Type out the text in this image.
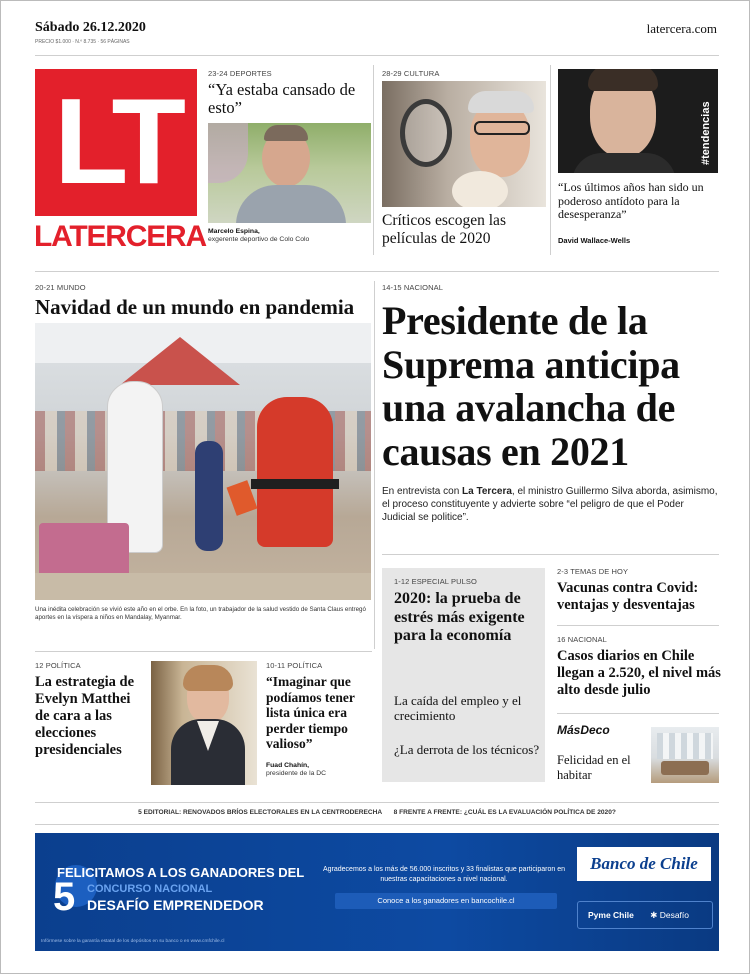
Sábado 26.12.2020
PRECIO $1.000 · N.º 8.735 · 56 PÁGINAS
latercera.com
LT
LATERCERA
23-24 DEPORTES
“Ya estaba cansado de esto”
Marcelo Espina,
exgerente deportivo de Colo Colo
28-29 CULTURA
Críticos escogen las películas de 2020
#tendencias
“Los últimos años han sido un poderoso antídoto para la desesperanza”
David Wallace-Wells
20-21 MUNDO
Navidad de un mundo en pandemia
Una inédita celebración se vivió este año en el orbe. En la foto, un trabajador de la salud vestido de Santa Claus entregó aportes en la víspera a niños en Mandalay, Myanmar.
14-15 NACIONAL
Presidente de la Suprema anticipa una avalancha de causas en 2021
En entrevista con La Tercera, el ministro Guillermo Silva aborda, asimismo, el proceso constituyente y advierte sobre “el peligro de que el Poder Judicial se politice”.
1-12 ESPECIAL PULSO
2020: la prueba de estrés más exigente para la economía
La caída del empleo y el crecimiento
¿La derrota de los técnicos?
2-3 TEMAS DE HOY
Vacunas contra Covid: ventajas y desventajas
16 NACIONAL
Casos diarios en Chile llegan a 2.520, el nivel más alto desde julio
MásDeco
Felicidad en el habitar
12 POLÍTICA
La estrategia de Evelyn Matthei de cara a las elecciones presidenciales
10-11 POLÍTICA
“Imaginar que podíamos tener lista única era perder tiempo valioso”
Fuad Chahín,
presidente de la DC
5 EDITORIAL: RENOVADOS BRÍOS ELECTORALES EN LA CENTRODERECHA 8 FRENTE A FRENTE: ¿CUÁL ES LA EVALUACIÓN POLÍTICA DE 2020?
FELICITAMOS A LOS GANADORES DEL
5 CONCURSO NACIONAL
DESAFÍO EMPRENDEDOR
Agradecemos a los más de 56.000 inscritos y 33 finalistas que participaron en nuestras capacitaciones a nivel nacional.
Conoce a los ganadores en bancochile.cl
Banco de Chile
Pyme Chile ✱ Desafío
Infórmese sobre la garantía estatal de los depósitos en su banco o en www.cmfchile.cl
